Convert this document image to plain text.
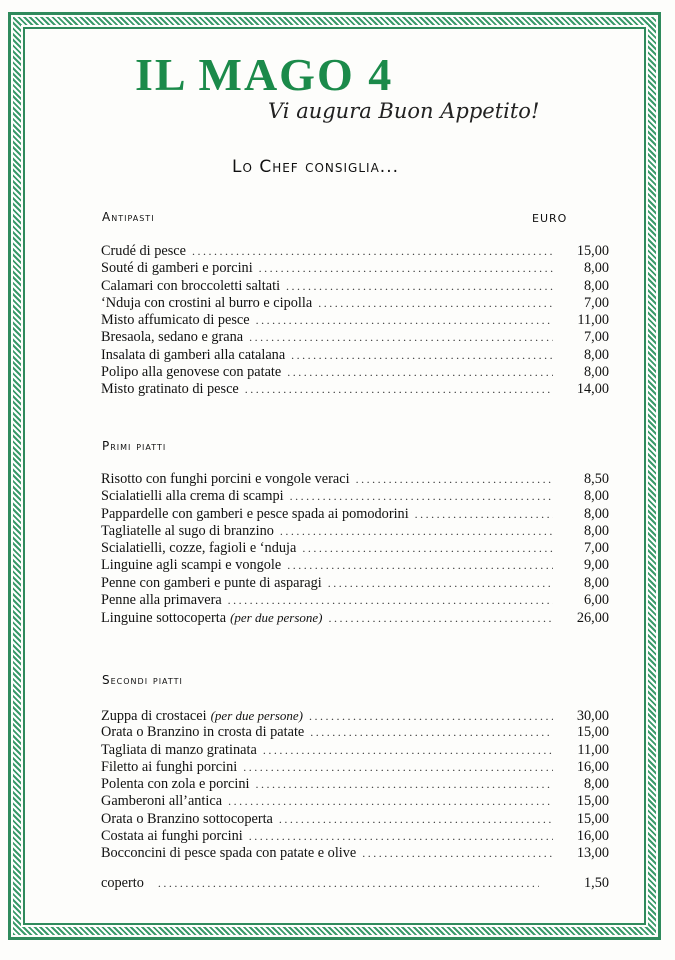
IL MAGO 4
Vi augura Buon Appetito!
Lo Chef consiglia...
Antipasti	EURO
Crudé di pesce .....	15,00
Souté di gamberi e porcini .....	8,00
Calamari con broccoletti saltati .....	8,00
‘Nduja con crostini al burro e cipolla .....	7,00
Misto affumicato di pesce .....	11,00
Bresaola, sedano e grana .....	7,00
Insalata di gamberi alla catalana .....	8,00
Polipo alla genovese con patate .....	8,00
Misto gratinato di pesce .....	14,00
Primi piatti
Risotto con funghi porcini e vongole veraci .....	8,50
Scialatielli alla crema di scampi .....	8,00
Pappardelle con gamberi e pesce spada ai pomodorini .....	8,00
Tagliatelle al sugo di branzino .....	8,00
Scialatielli, cozze, fagioli e ‘nduja .....	7,00
Linguine agli scampi e vongole .....	9,00
Penne con gamberi e punte di asparagi .....	8,00
Penne alla primavera .....	6,00
Linguine sottocoperta (per due persone) .....	26,00
Secondi piatti
Zuppa di crostacei (per due persone) .....	30,00
Orata o Branzino in crosta di patate .....	15,00
Tagliata di manzo gratinata .....	11,00
Filetto ai funghi porcini .....	16,00
Polenta con zola e porcini .....	8,00
Gamberoni all’antica .....	15,00
Orata o Branzino sottocoperta .....	15,00
Costata ai funghi porcini .....	16,00
Bocconcini di pesce spada con patate e olive .....	13,00
coperto .....	1,50
